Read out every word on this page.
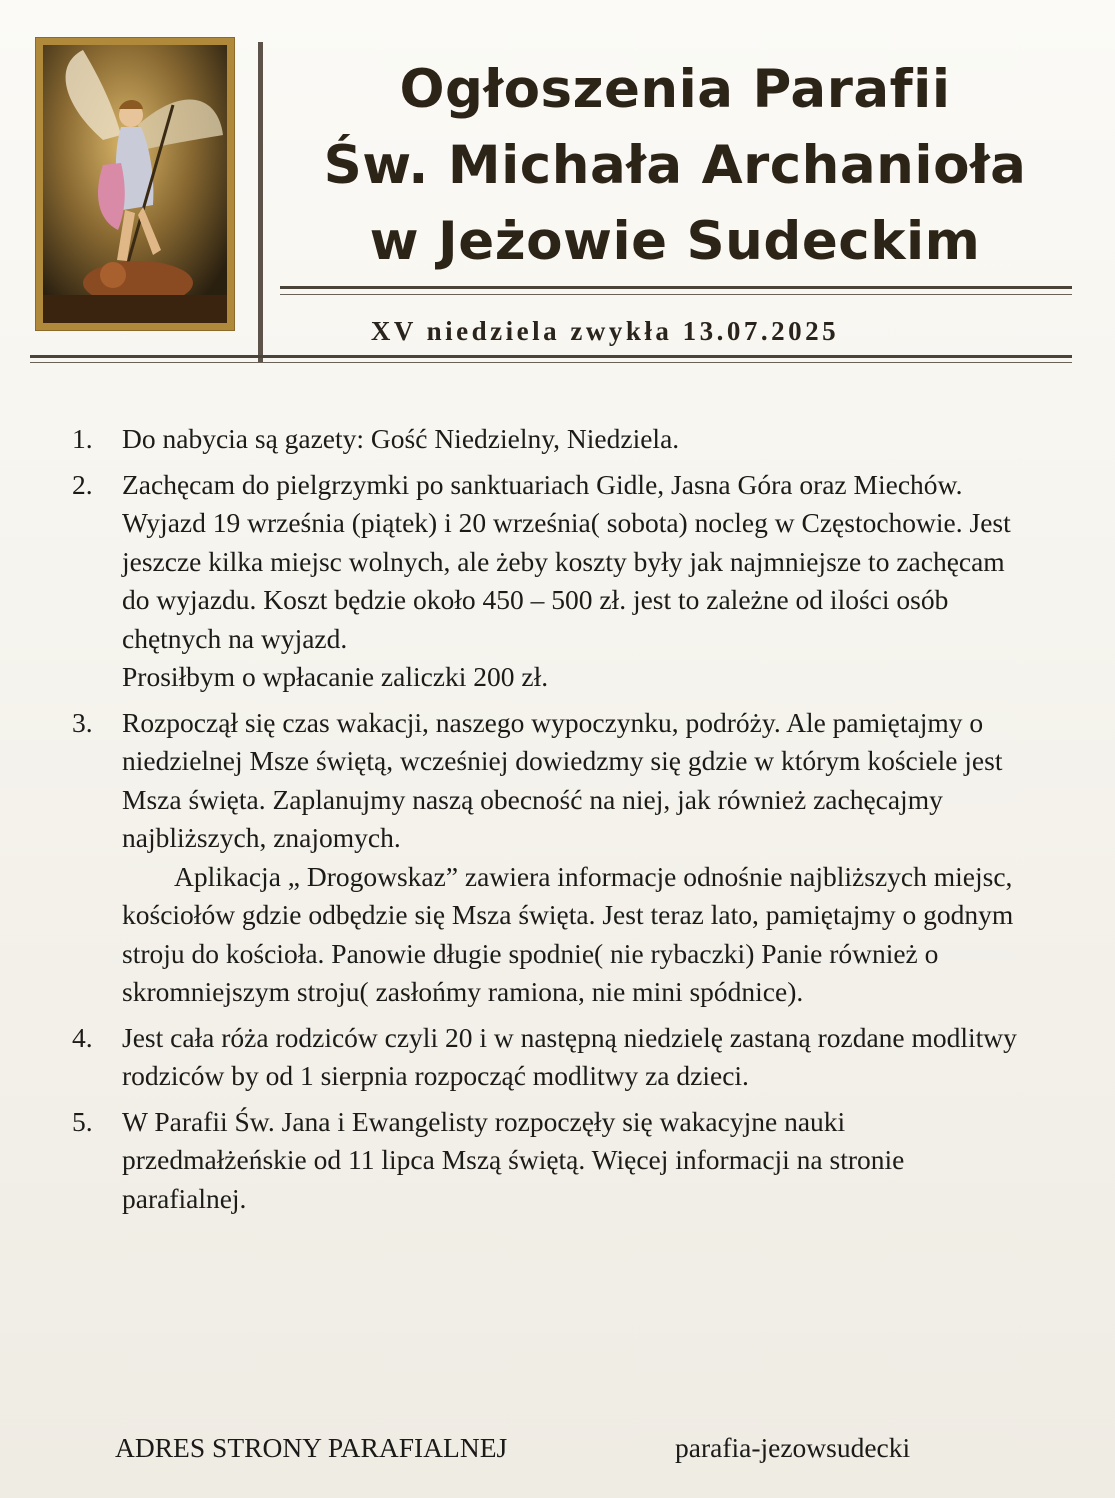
Ogłoszenia Parafii
Św. Michała Archanioła
w Jeżowie Sudeckim
XV niedziela zwykła 13.07.2025
1. Do nabycia są gazety: Gość Niedzielny, Niedziela.

2. Zachęcam do pielgrzymki po sanktuariach Gidle, Jasna Góra oraz Miechów. Wyjazd 19 września (piątek) i 20 września( sobota) nocleg w Częstochowie. Jest jeszcze kilka miejsc wolnych, ale żeby koszty były jak najmniejsze to zachęcam do wyjazdu. Koszt będzie około 450 – 500 zł. jest to zależne od ilości osób chętnych na wyjazd.

Prosiłbym o wpłacanie zaliczki 200 zł.

3. Rozpoczął się czas wakacji, naszego wypoczynku, podróży. Ale pamiętajmy o niedzielnej Msze świętą, wcześniej dowiedzmy się gdzie w którym kościele jest Msza święta. Zaplanujmy naszą obecność na niej, jak również zachęcajmy najbliższych, znajomych.

Aplikacja „ Drogowskaz” zawiera informacje odnośnie najbliższych miejsc, kościołów gdzie odbędzie się Msza święta. Jest teraz lato, pamiętajmy o godnym stroju do kościoła. Panowie długie spodnie( nie rybaczki) Panie również o skromniejszym stroju( zasłońmy ramiona, nie mini spódnice).

4. Jest cała róża rodziców czyli 20 i w następną niedzielę zastaną rozdane modlitwy rodziców by od 1 sierpnia rozpocząć modlitwy za dzieci.

5. W Parafii Św. Jana i Ewangelisty rozpoczęły się wakacyjne nauki przedmałżeńskie od 11 lipca Mszą świętą. Więcej informacji na stronie parafialnej.

ADRES STRONY PARAFIALNEJ	parafia-jezowsudecki
